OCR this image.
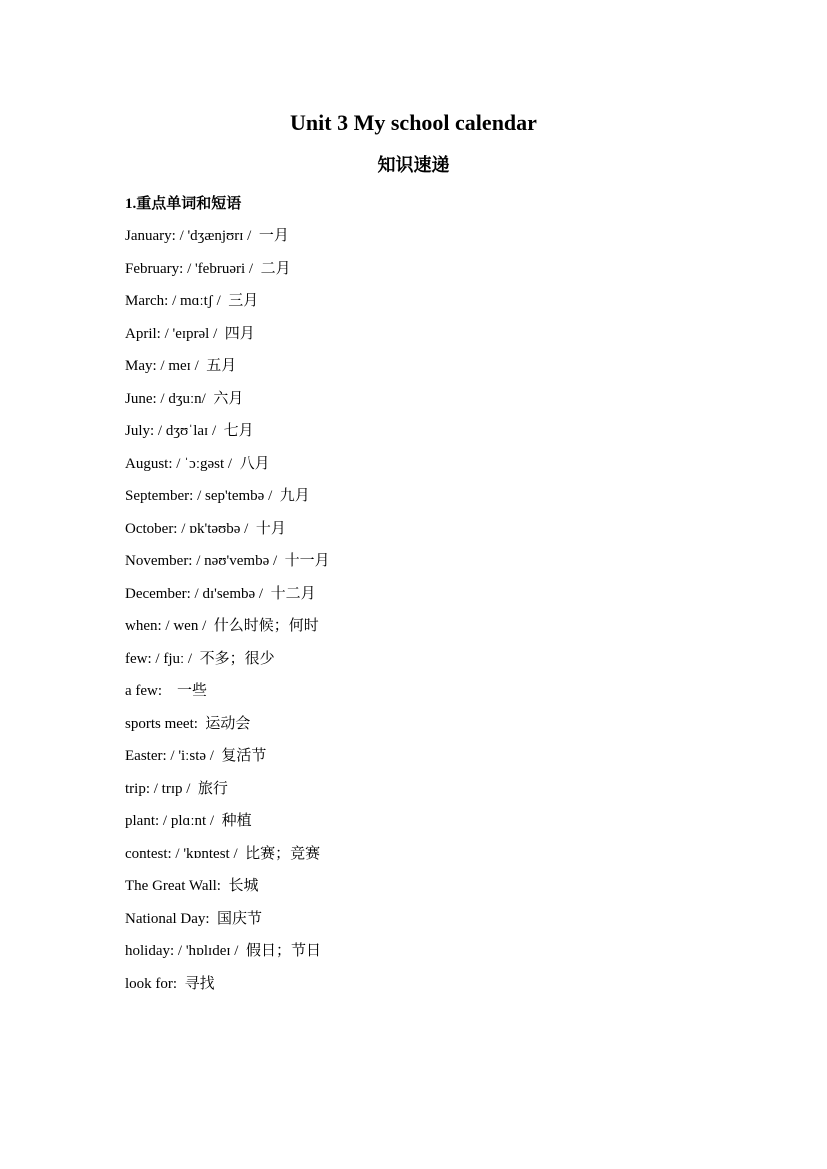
Unit 3 My school calendar
知识速递
1.重点单词和短语
January: / 'dʒænjʊrɪ /  一月
February: / 'februəri /  二月
March: / mɑːtʃ /  三月
April: / 'eɪprəl /  四月
May: / meɪ /  五月
June: / dʒuːn/  六月
July: / dʒʊˈlaɪ /  七月
August: / ˈɔːgəst /  八月
September: / sep'tembə /  九月
October: / ɒk'təʊbə /  十月
November: / nəʊ'vembə /  十一月
December: / dɪ'sembə /  十二月
when: / wen /  什么时候；何时
few: / fjuː /  不多；很少
a few:    一些
sports meet:  运动会
Easter: / 'iːstə /  复活节
trip: / trɪp /  旅行
plant: / plɑːnt /  种植
contest: / 'kɒntest /  比赛；竞赛
The Great Wall:  长城
National Day:  国庆节
holiday: / 'hɒlɪdeɪ /  假日；节日
look for:  寻找
